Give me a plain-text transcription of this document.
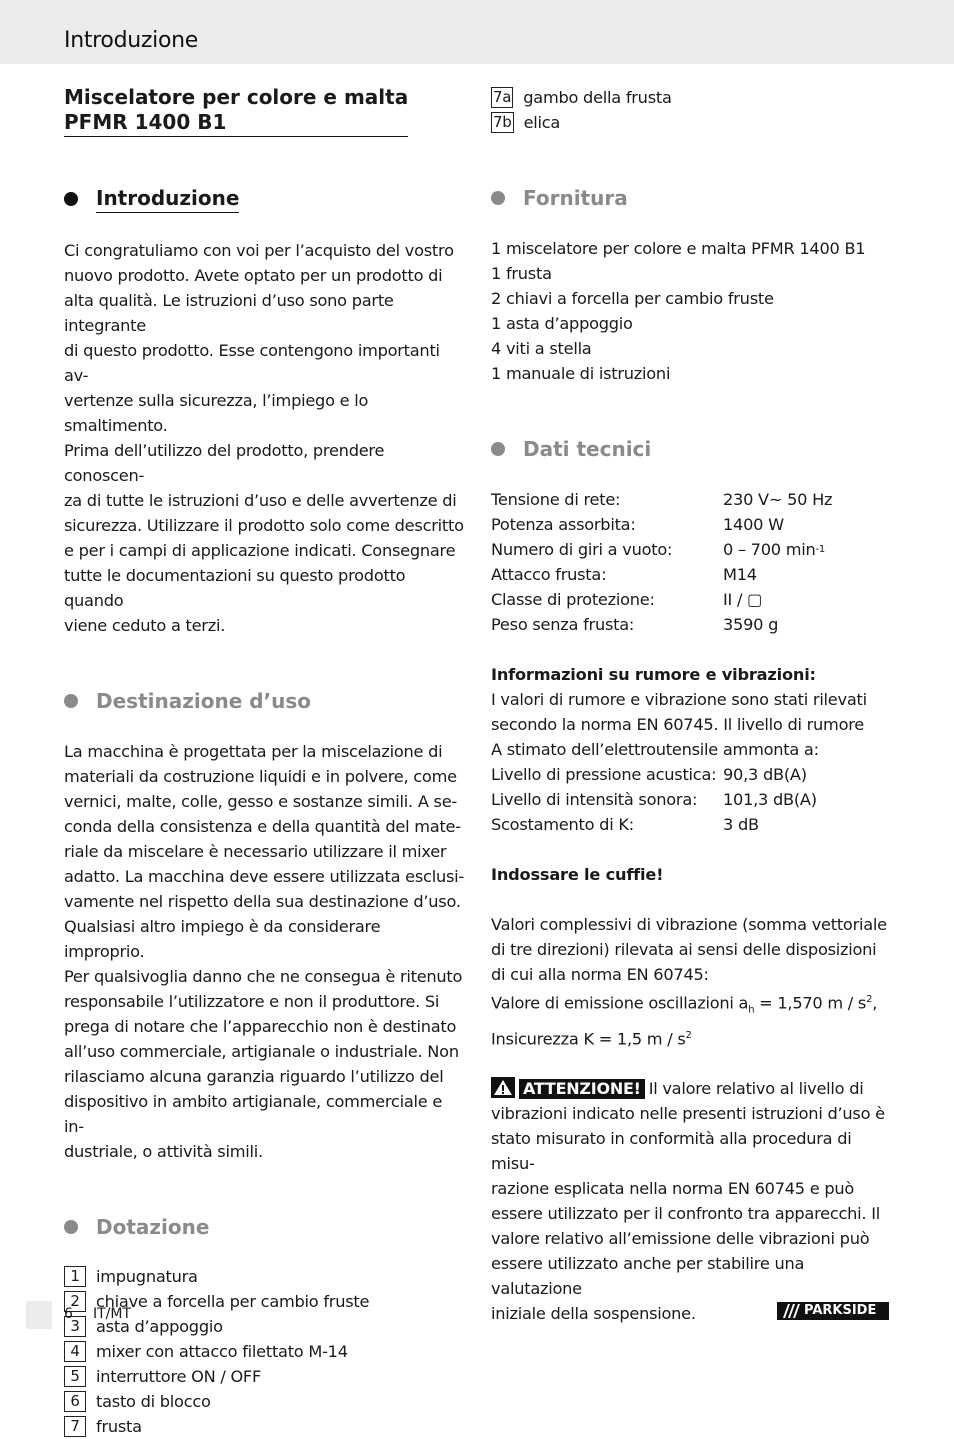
Introduzione
Miscelatore per colore e malta
PFMR 1400 B1
Introduzione

Ci congratuliamo con voi per l’acquisto del vostro

nuovo prodotto. Avete optato per un prodotto di

alta qualità. Le istruzioni d’uso sono parte integrante

di questo prodotto. Esse contengono importanti av-

vertenze sulla sicurezza, l’impiego e lo smaltimento.

Prima dell’utilizzo del prodotto, prendere conoscen-

za di tutte le istruzioni d’uso e delle avvertenze di

sicurezza. Utilizzare il prodotto solo come descritto

e per i campi di applicazione indicati. Consegnare

tutte le documentazioni su questo prodotto quando

viene ceduto a terzi.

Destinazione d’uso

La macchina è progettata per la miscelazione di

materiali da costruzione liquidi e in polvere, come

vernici, malte, colle, gesso e sostanze simili. A se-

conda della consistenza e della quantità del mate-

riale da miscelare è necessario utilizzare il mixer

adatto. La macchina deve essere utilizzata esclusi-

vamente nel rispetto della sua destinazione d’uso.

Qualsiasi altro impiego è da considerare improprio.

Per qualsivoglia danno che ne consegua è ritenuto

responsabile l’utilizzatore e non il produttore. Si

prega di notare che l’apparecchio non è destinato

all’uso commerciale, artigianale o industriale. Non

rilasciamo alcuna garanzia riguardo l’utilizzo del

dispositivo in ambito artigianale, commerciale e in-

dustriale, o attività simili.

Dotazione
1	impugnatura
2	chiave a forcella per cambio fruste
3	asta d’appoggio
4	mixer con attacco filettato M-14
5	interruttore ON / OFF
6	tasto di blocco
7	frusta
7a gambo della frusta
7b elica
Fornitura
1 miscelatore per colore e malta PFMR 1400 B1
1 frusta
2 chiavi a forcella per cambio fruste
1 asta d’appoggio
4 viti a stella
1 manuale di istruzioni
Dati tecnici
Tensione di rete:	230 V~ 50 Hz
Potenza assorbita:	1400 W
Numero di giri a vuoto:	0 – 700 min -1
Attacco frusta:	M14
Classe di protezione:	II / ▢
Peso senza frusta:	3590 g

Informazioni su rumore e vibrazioni:

I valori di rumore e vibrazione sono stati rilevati

secondo la norma EN 60745. Il livello di rumore

A stimato dell’elettroutensile ammonta a:

Livello di pressione acustica: 90,3 dB(A)
Livello di intensità sonora:	101,3 dB(A)
Scostamento di K:	3 dB

Indossare le cuffie!

Valori complessivi di vibrazione (somma vettoriale

di tre direzioni) rilevata ai sensi delle disposizioni

di cui alla norma EN 60745:

Valore di emissione oscillazioni $a_h = 1,570$ m / $s^2$,

Insicurezza K = 1,5 m / $s^2$

ATTENZIONE! Il valore relativo al livello di

vibrazioni indicato nelle presenti istruzioni d’uso è

stato misurato in conformità alla procedura di misu-

razione esplicata nella norma EN 60745 e può

essere utilizzato per il confronto tra apparecchi. Il

valore relativo all’emissione delle vibrazioni può

essere utilizzato anche per stabilire una valutazione

iniziale della sospensione.

6 IT/MT	PARKSIDE
